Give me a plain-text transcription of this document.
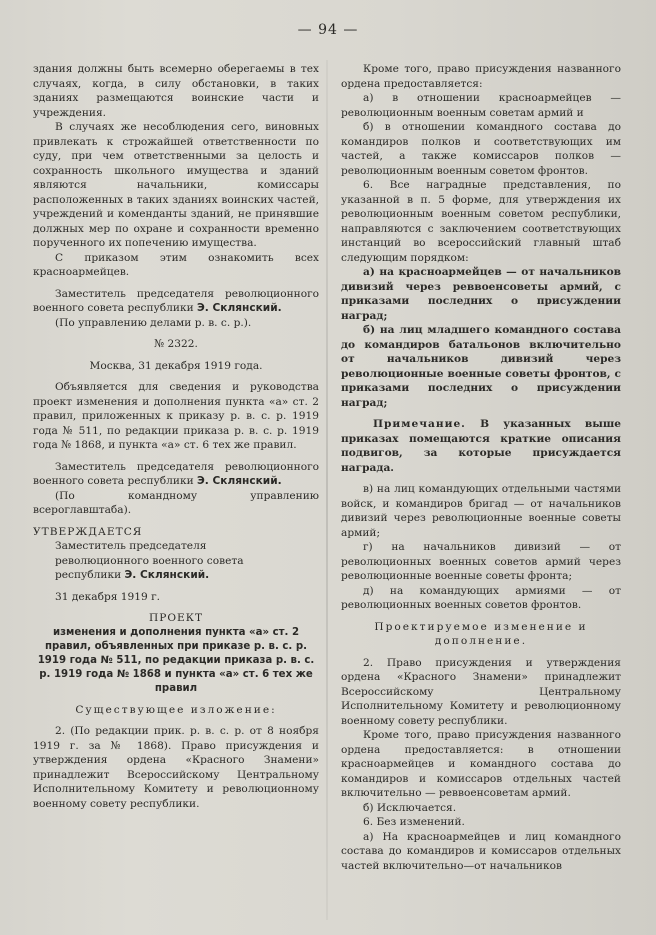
— 94 —

здания должны быть всемерно оберегаемы в тех случаях, когда, в силу обстановки, в таких зданиях размещаются воинские части и учреждения.

В случаях же несоблюдения сего, виновных привлекать к строжайшей ответственности по суду, при чем ответственными за целость и сохранность школьного имущества и зданий являются начальники, комиссары расположенных в таких зданиях воинских частей, учреждений и коменданты зданий, не принявшие должных мер по охране и сохранности временно порученного их попечению имущества.

С приказом этим ознакомить всех красноармейцев.

Заместитель председателя революционного военного совета республики Э. Склянский.

(По управлению делами р. в. с. р.).

№ 2322.

Москва, 31 декабря 1919 года.

Объявляется для сведения и руководства проект изменения и дополнения пункта «а» ст. 2 правил, приложенных к приказу р. в. с. р. 1919 года № 511, по редакции приказа р. в. с. р. 1919 года № 1868, и пункта «а» ст. 6 тех же правил.

Заместитель председателя революционного военного совета республики Э. Склянский.

(По командному управлению всероглавштаба).

УТВЕРЖДАЕТСЯ

Заместитель председателя революционного военного совета республики Э. Склянский.

31 декабря 1919 г.

ПРОЕКТ

изменения и дополнения пункта «а» ст. 2 правил, объявленных при приказе р. в. с. р. 1919 года № 511, по редакции приказа р. в. с. р. 1919 года № 1868 и пункта «а» ст. 6 тех же правил

Существующее изложение:

2. (По редакции прик. р. в. с. р. от 8 ноября 1919 г. за № 1868). Право присуждения и утверждения ордена «Красного Знамени» принадлежит Всероссийскому Центральному Исполнительному Комитету и революционному военному совету республики.

Кроме того, право присуждения названного ордена предоставляется:

а) в отношении красноармейцев — революционным военным советам армий и

б) в отношении командного состава до командиров полков и соответствующих им частей, а также комиссаров полков — революционным военным советом фронтов.

6. Все наградные представления, по указанной в п. 5 форме, для утверждения их революционным военным советом республики, направляются с заключением соответствующих инстанций во всероссийский главный штаб следующим порядком:

а) на красноармейцев — от начальников дивизий через реввоенсоветы армий, с приказами последних о присуждении наград;

б) на лиц младшего командного состава до командиров батальонов включительно от начальников дивизий через революционные военные советы фронтов, с приказами последних о присуждении наград;

Примечание. В указанных выше приказах помещаются краткие описания подвигов, за которые присуждается награда.

в) на лиц командующих отдельными частями войск, и командиров бригад — от начальников дивизий через революционные военные советы армий;

г) на начальников дивизий — от революционных военных советов армий через революционные военные советы фронта;

д) на командующих армиями — от революционных военных советов фронтов.

Проектируемое изменение и дополнение.

2. Право присуждения и утверждения ордена «Красного Знамени» принадлежит Всероссийскому Центральному Исполнительному Комитету и революционному военному совету республики.

Кроме того, право присуждения названного ордена предоставляется: в отношении красноармейцев и командного состава до командиров и комиссаров отдельных частей включительно — реввоенсоветам армий.

б) Исключается.

6. Без изменений.

а) На красноармейцев и лиц командного состава до командиров и комиссаров отдельных частей включительно—от начальников
